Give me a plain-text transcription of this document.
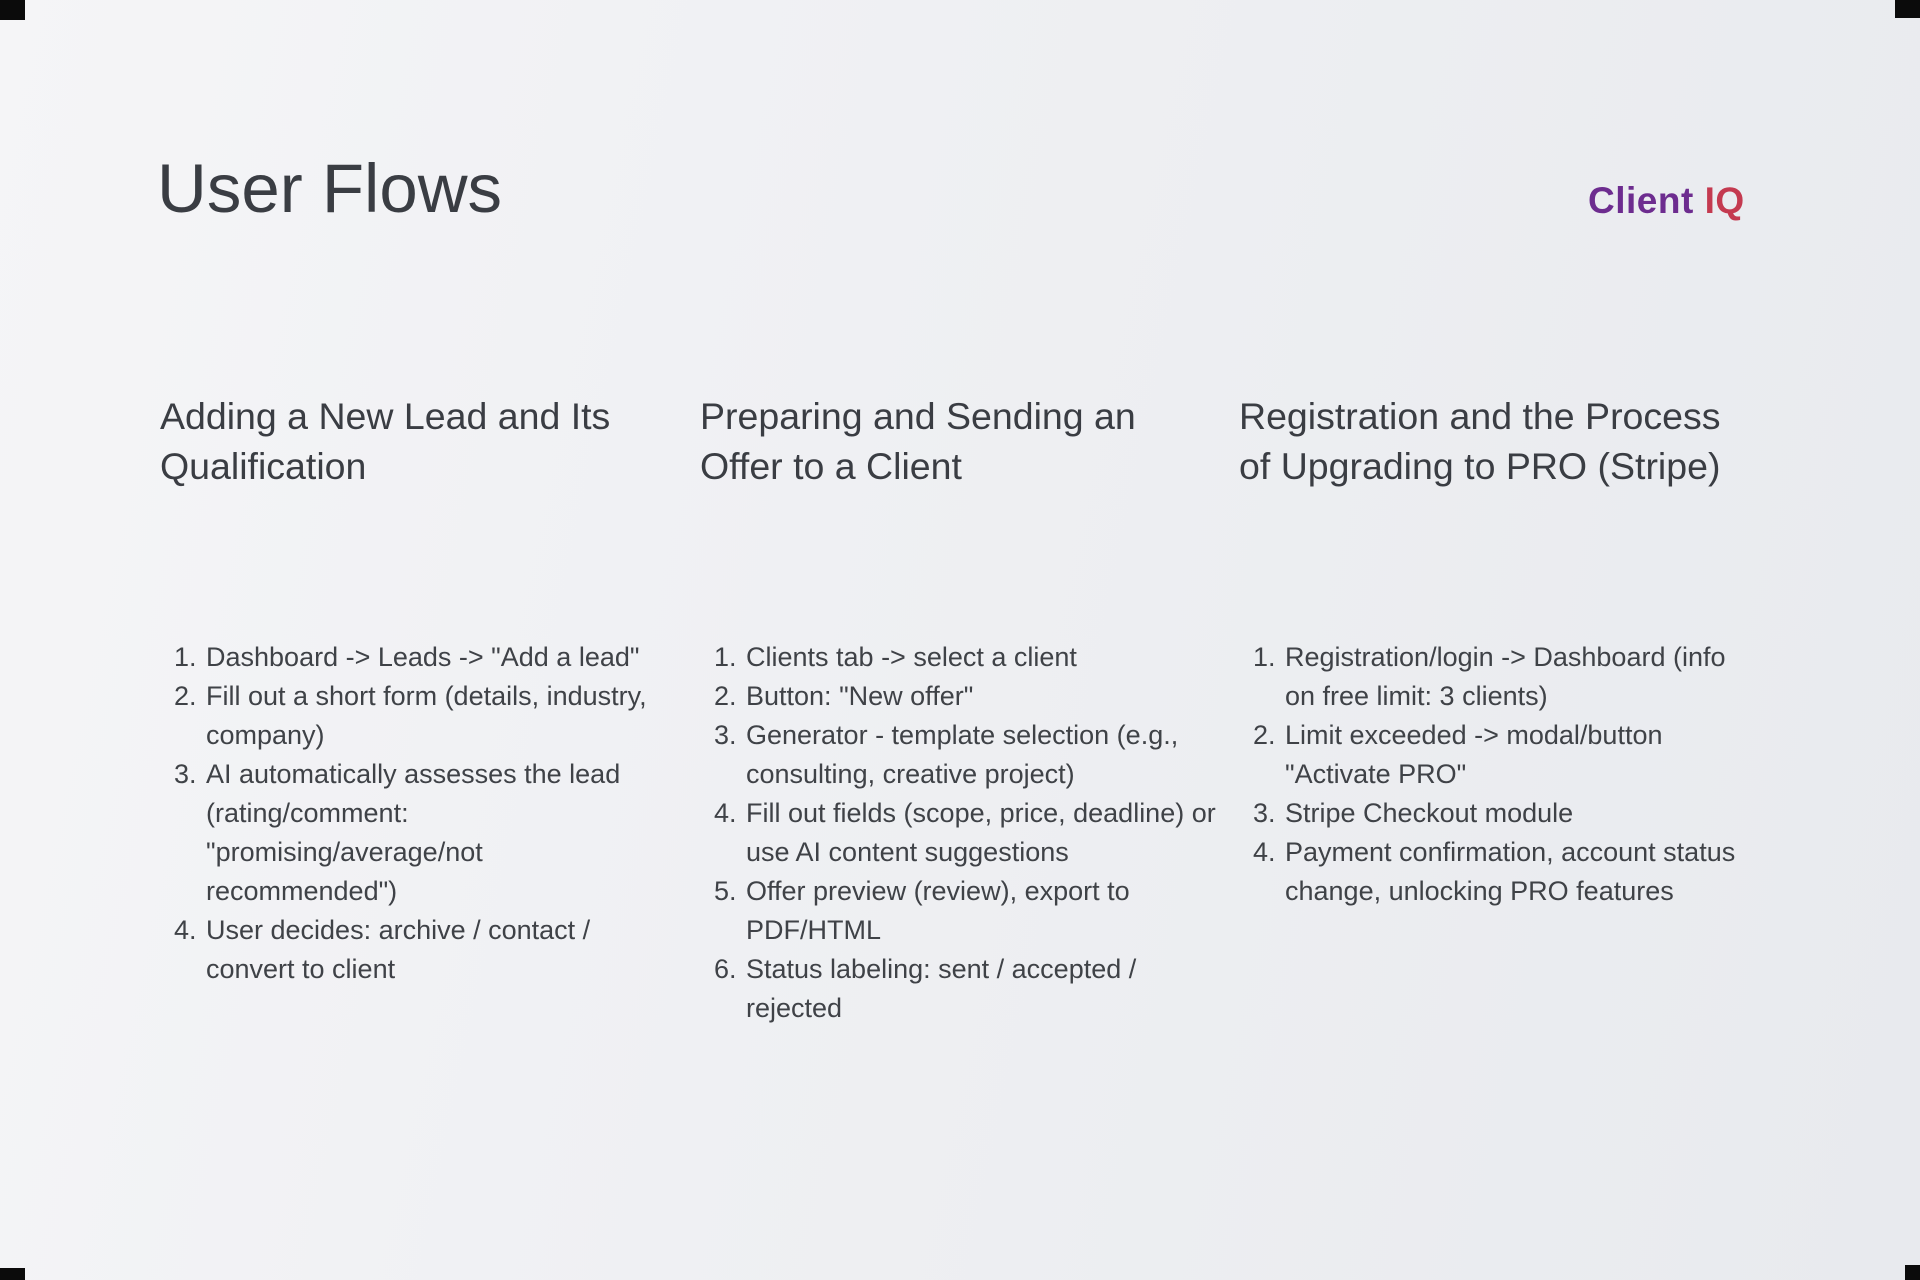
User Flows	Client IQ
Adding a New Lead and Its Qualification
1. Dashboard -> Leads -> "Add a lead"
2. Fill out a short form (details, industry, company)
3. AI automatically assesses the lead (rating/comment: "promising/average/not recommended")
4. User decides: archive / contact / convert to client
Preparing and Sending an Offer to a Client
1. Clients tab -> select a client
2. Button: "New offer"
3. Generator - template selection (e.g., consulting, creative project)
4. Fill out fields (scope, price, deadline) or use AI content suggestions
5. Offer preview (review), export to PDF/HTML
6. Status labeling: sent / accepted / rejected
Registration and the Process of Upgrading to PRO (Stripe)
1. Registration/login -> Dashboard (info on free limit: 3 clients)
2. Limit exceeded -> modal/button "Activate PRO"
3. Stripe Checkout module
4. Payment confirmation, account status change, unlocking PRO features
